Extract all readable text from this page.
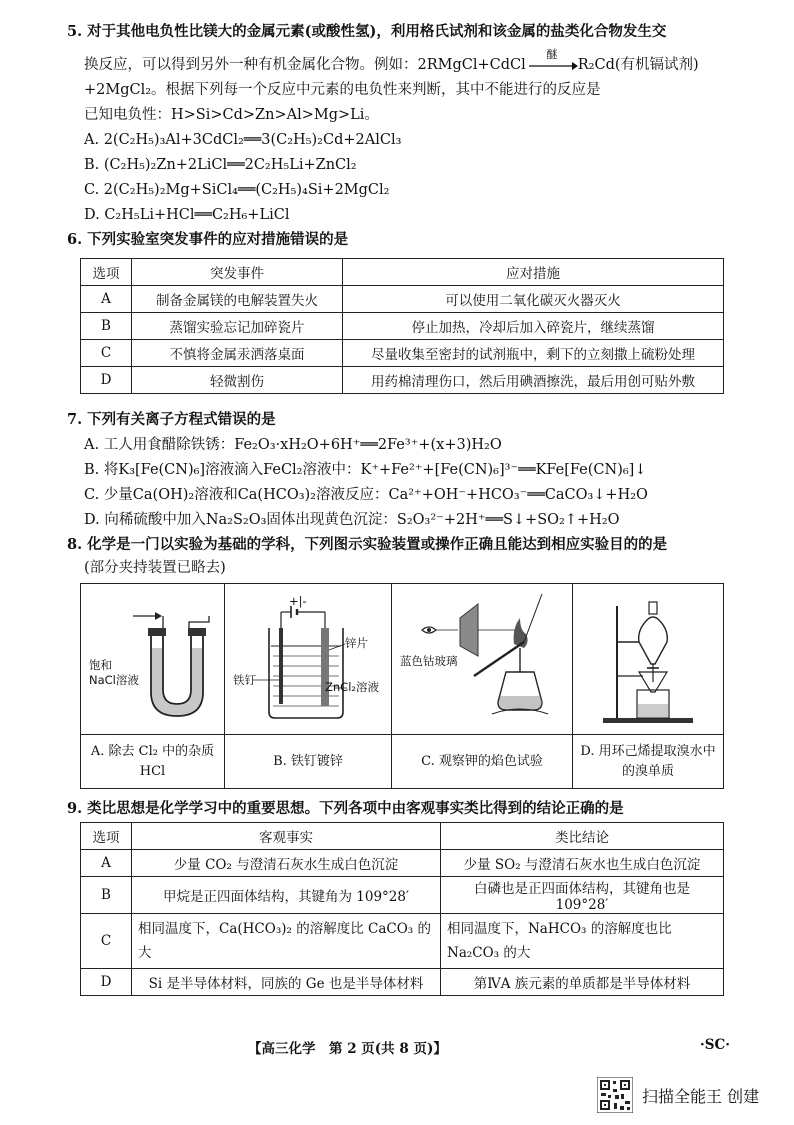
5. 对于其他电负性比镁大的金属元素(或酸性氢)，利用格氏试剂和该金属的盐类化合物发生交
换反应，可以得到另外一种有机金属化合物。例如：2RMgCl+CdCl
醚
R₂Cd(有机镉试剂)
+2MgCl₂。根据下列每一个反应中元素的电负性来判断，其中不能进行的反应是
已知电负性：H>Si>Cd>Zn>Al>Mg>Li。
A. 2(C₂H₅)₃Al+3CdCl₂══3(C₂H₅)₂Cd+2AlCl₃
B. (C₂H₅)₂Zn+2LiCl══2C₂H₅Li+ZnCl₂
C. 2(C₂H₅)₂Mg+SiCl₄══(C₂H₅)₄Si+2MgCl₂
D. C₂H₅Li+HCl══C₂H₆+LiCl
6. 下列实验室突发事件的应对措施错误的是
选项	突发事件	应对措施
A	制备金属镁的电解装置失火	可以使用二氧化碳灭火器灭火
B	蒸馏实验忘记加碎瓷片	停止加热，冷却后加入碎瓷片，继续蒸馏
C	不慎将金属汞洒落桌面	尽量收集至密封的试剂瓶中，剩下的立刻撒上硫粉处理
D	轻微割伤	用药棉清理伤口，然后用碘酒擦洗，最后用创可贴外敷
7. 下列有关离子方程式错误的是
A. 工人用食醋除铁锈：Fe₂O₃·xH₂O+6H⁺══2Fe³⁺+(x+3)H₂O
B. 将K₃[Fe(CN)₆]溶液滴入FeCl₂溶液中：K⁺+Fe²⁺+[Fe(CN)₆]³⁻══KFe[Fe(CN)₆]↓
C. 少量Ca(OH)₂溶液和Ca(HCO₃)₂溶液反应：Ca²⁺+OH⁻+HCO₃⁻══CaCO₃↓+H₂O
D. 向稀硫酸中加入Na₂S₂O₃固体出现黄色沉淀：S₂O₃²⁻+2H⁺══S↓+SO₂↑+H₂O
8. 化学是一门以实验为基础的学科，下列图示实验装置或操作正确且能达到相应实验目的的是
(部分夹持装置已略去)
饱和
NaCl溶液
A. 除去 Cl₂ 中的杂质 HCl
+|-
铁钉
锌片
ZnCl₂溶液
B. 铁钉镀锌
蓝色钴玻璃
C. 观察钾的焰色试验
D. 用环己烯提取溴水中的溴单质
9. 类比思想是化学学习中的重要思想。下列各项中由客观事实类比得到的结论正确的是
选项	客观事实	类比结论
A	少量 CO₂ 与澄清石灰水生成白色沉淀	少量 SO₂ 与澄清石灰水也生成白色沉淀
B	甲烷是正四面体结构，其键角为 109°28′	白磷也是正四面体结构，其键角也是 109°28′
C	相同温度下，Ca(HCO₃)₂ 的溶解度比 CaCO₃ 的大	相同温度下，NaHCO₃ 的溶解度也比 Na₂CO₃ 的大
D	Si 是半导体材料，同族的 Ge 也是半导体材料	第ⅣA 族元素的单质都是半导体材料
【高三化学　第 2 页(共 8 页)】	·SC·
扫描全能王 创建
